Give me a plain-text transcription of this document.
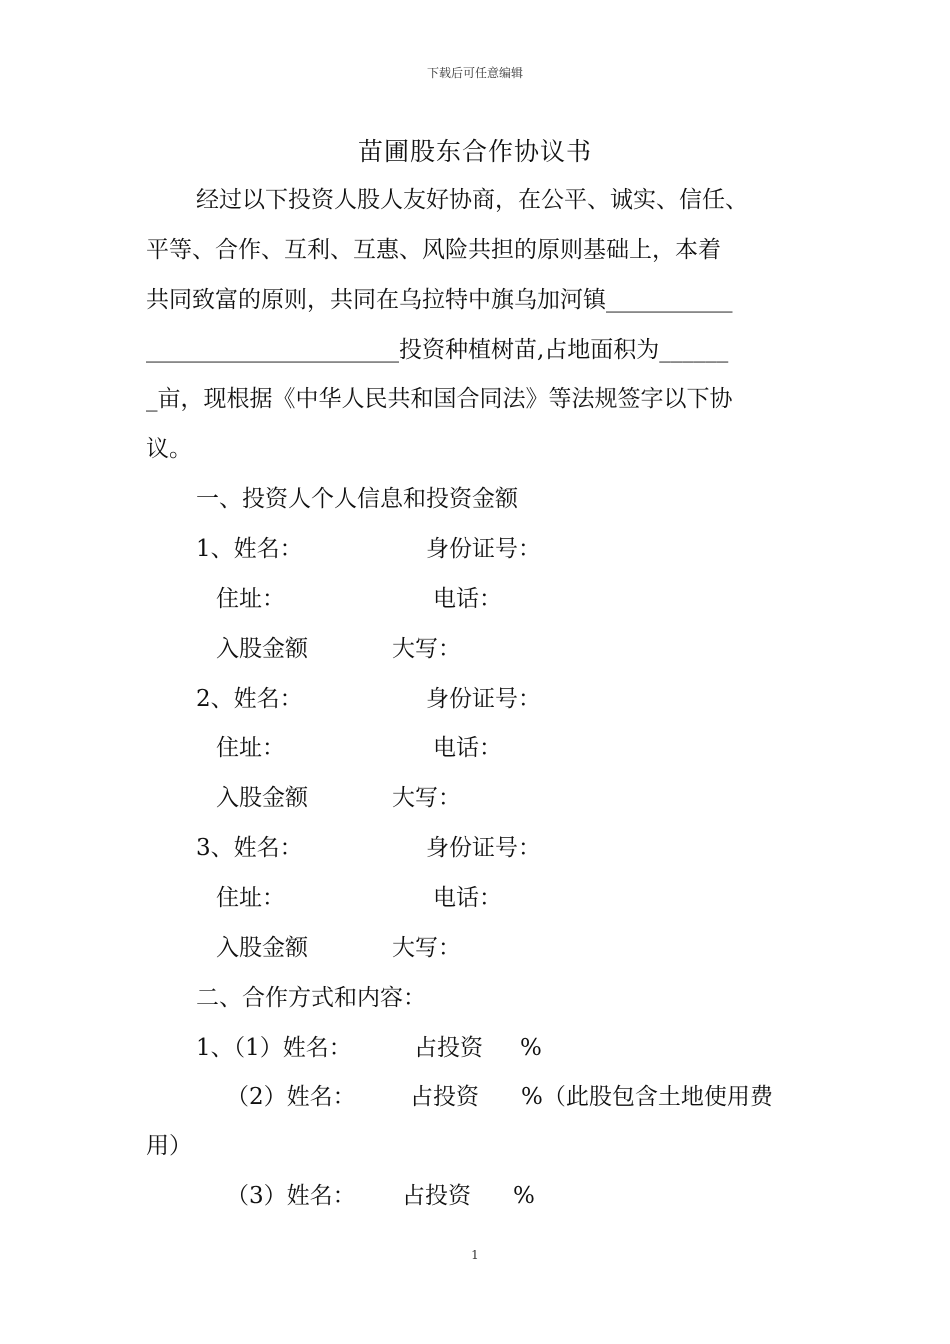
下载后可任意编辑
苗圃股东合作协议书
经过以下投资人股人友好协商，在公平、诚实、信任、
平等、合作、互利、互惠、风险共担的原则基础上，本着
共同致富的原则，共同在乌拉特中旗乌加河镇___________
______________________投资种植树苗,占地面积为______
_亩，现根据《中华人民共和国合同法》等法规签字以下协
议。
一、投资人个人信息和投资金额
1、姓名：	身份证号：
住址：	电话：
入股金额	大写：
2、姓名：	身份证号：
住址：	电话：
入股金额	大写：
3、姓名：	身份证号：
住址：	电话：
入股金额	大写：
二、合作方式和内容：
1、（1）姓名：	占投资 %
（2）姓名： 占投资 %（此股包含土地使用费
用）
（3）姓名： 占投资 %
1
